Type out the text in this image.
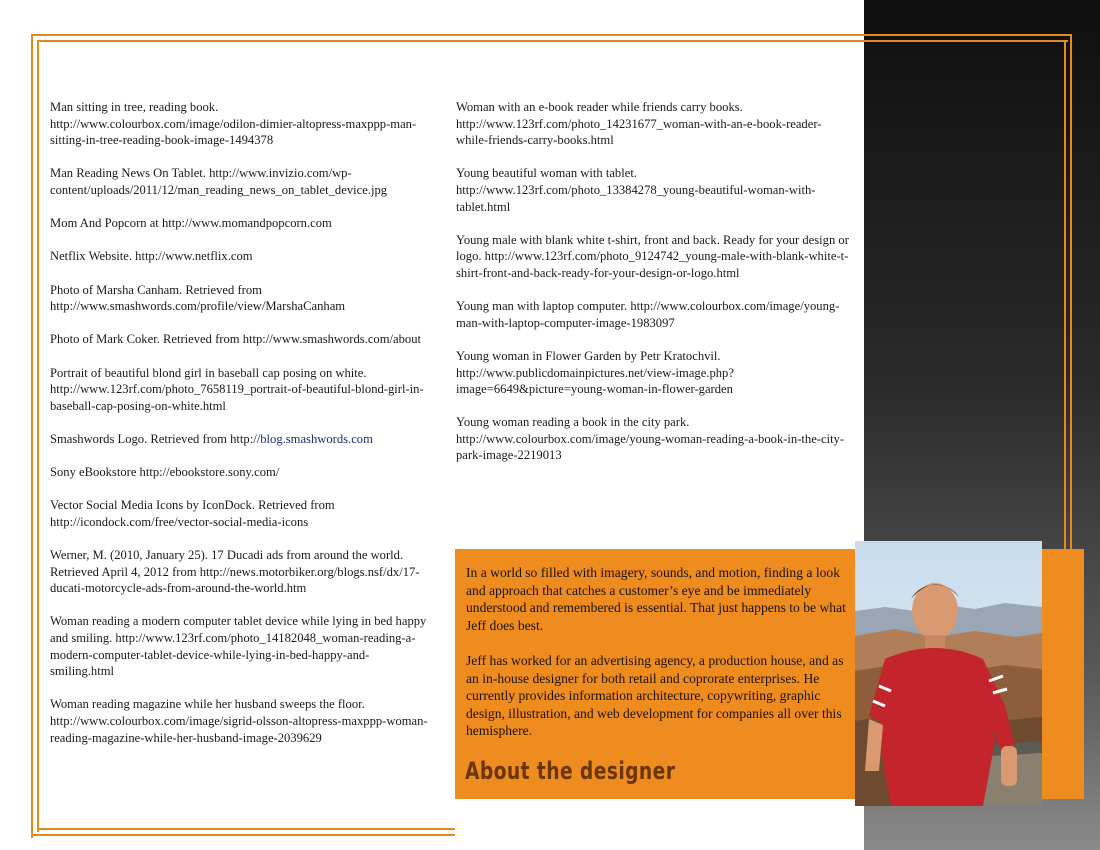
Man sitting in tree, reading book. http://www.colourbox.com/image/odilon-dimier-altopress-maxppp-man-sitting-in-tree-reading-book-image-1494378

Man Reading News On Tablet. http://www.invizio.com/wp-content/uploads/2011/12/man_reading_news_on_tablet_device.jpg

Mom And Popcorn at http://www.momandpopcorn.com

Netflix Website. http://www.netflix.com

Photo of Marsha Canham. Retrieved from http://www.smashwords.com/profile/view/MarshaCanham

Photo of Mark Coker. Retrieved from http://www.smashwords.com/about

Portrait of beautiful blond girl in baseball cap posing on white. http://www.123rf.com/photo_7658119_portrait-of-beautiful-blond-girl-in-baseball-cap-posing-on-white.html

Smashwords Logo. Retrieved from http://blog.smashwords.com

Sony eBookstore http://ebookstore.sony.com/

Vector Social Media Icons by IconDock. Retrieved from http://icondock.com/free/vector-social-media-icons

Werner, M. (2010, January 25). 17 Ducadi ads from around the world. Retrieved April 4, 2012 from http://news.motorbiker.org/blogs.nsf/dx/17-ducati-motorcycle-ads-from-around-the-world.htm

Woman reading a modern computer tablet device while lying in bed happy and smiling. http://www.123rf.com/photo_14182048_woman-reading-a-modern-computer-tablet-device-while-lying-in-bed-happy-and-smiling.html

Woman reading magazine while her husband sweeps the floor. http://www.colourbox.com/image/sigrid-olsson-altopress-maxppp-woman-reading-magazine-while-her-husband-image-2039629

Woman with an e-book reader while friends carry books. http://www.123rf.com/photo_14231677_woman-with-an-e-book-reader-while-friends-carry-books.html

Young beautiful woman with tablet. http://www.123rf.com/photo_13384278_young-beautiful-woman-with-tablet.html

Young male with blank white t-shirt, front and back. Ready for your design or logo. http://www.123rf.com/photo_9124742_young-male-with-blank-white-t-shirt-front-and-back-ready-for-your-design-or-logo.html

Young man with laptop computer. http://www.colourbox.com/image/young-man-with-laptop-computer-image-1983097

Young woman in Flower Garden by Petr Kratochvil. http://www.publicdomainpictures.net/view-image.php?image=6649&picture=young-woman-in-flower-garden

Young woman reading a book in the city park. http://www.colourbox.com/image/young-woman-reading-a-book-in-the-city-park-image-2219013

In a world so filled with imagery, sounds, and motion, finding a look and approach that catches a customer’s eye and be immediately understood and remembered is essential. That just happens to be what Jeff does best.

Jeff has worked for an advertising agency, a production house, and as an in-house designer for both retail and coprorate enterprises. He currently provides information architecture, copywriting, graphic design, illustration, and web development for companies all over this hemisphere.

About the designer
